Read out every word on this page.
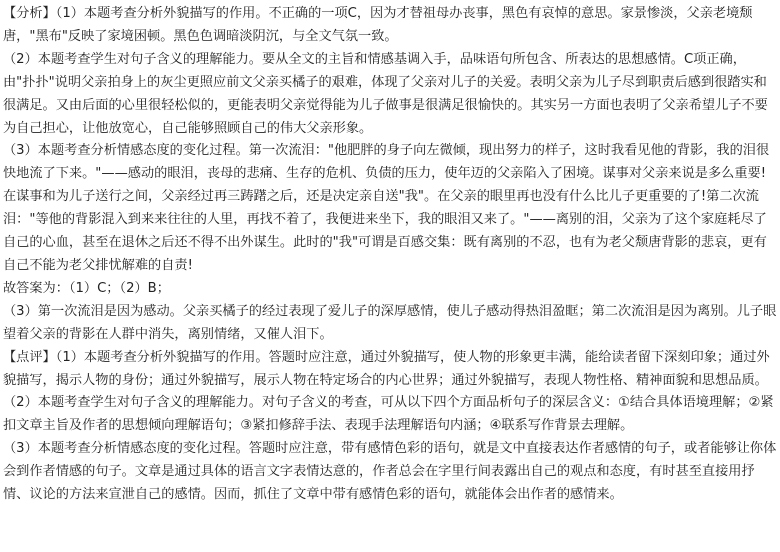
【分析】（1）本题考查分析外貌描写的作用。不正确的一项C，因为才替祖母办丧事，黑色有哀悼的意思。家景惨淡，父亲老境颓唐，"黑布"反映了家境困顿。黑色色调暗淡阴沉，与全文气氛一致。

（2）本题考查学生对句子含义的理解能力。要从全文的主旨和情感基调入手，品味语句所包含、所表达的思想感情。C项正确，由"扑扑"说明父亲拍身上的灰尘更照应前文父亲买橘子的艰难，体现了父亲对儿子的关爱。表明父亲为儿子尽到职责后感到很踏实和很满足。又由后面的心里很轻松似的，更能表明父亲觉得能为儿子做事是很满足很愉快的。其实另一方面也表明了父亲希望儿子不要为自己担心，让他放宽心，自己能够照顾自己的伟大父亲形象。

（3）本题考查分析情感态度的变化过程。第一次流泪："他肥胖的身子向左微倾，现出努力的样子，这时我看见他的背影，我的泪很快地流了下来。"——感动的眼泪，丧母的悲痛、生存的危机、负债的压力，使年迈的父亲陷入了困境。谋事对父亲来说是多么重要!在谋事和为儿子送行之间，父亲经过再三踌躇之后，还是决定亲自送"我"。在父亲的眼里再也没有什么比儿子更重要的了!第二次流泪："等他的背影混入到来来往往的人里，再找不着了，我便进来坐下，我的眼泪又来了。"——离别的泪，父亲为了这个家庭耗尽了自己的心血，甚至在退休之后还不得不出外谋生。此时的"我"可谓是百感交集：既有离别的不忍，也有为老父颓唐背影的悲哀，更有自己不能为老父排忧解难的自责!

故答案为：（1）C；（2）B；

（3）第一次流泪是因为感动。父亲买橘子的经过表现了爱儿子的深厚感情，使儿子感动得热泪盈眶；第二次流泪是因为离别。儿子眼望着父亲的背影在人群中消失，离别情绪，又催人泪下。

【点评】（1）本题考查分析外貌描写的作用。答题时应注意，通过外貌描写，使人物的形象更丰满，能给读者留下深刻印象；通过外貌描写，揭示人物的身份；通过外貌描写，展示人物在特定场合的内心世界；通过外貌描写，表现人物性格、精神面貌和思想品质。

（2）本题考查学生对句子含义的理解能力。对句子含义的考查，可从以下四个方面品析句子的深层含义：①结合具体语境理解；②紧扣文章主旨及作者的思想倾向理解语句；③紧扣修辞手法、表现手法理解语句内涵；④联系写作背景去理解。

（3）本题考查分析情感态度的变化过程。答题时应注意，带有感情色彩的语句，就是文中直接表达作者感情的句子，或者能够让你体会到作者情感的句子。文章是通过具体的语言文字表情达意的，作者总会在字里行间表露出自己的观点和态度，有时甚至直接用抒情、议论的方法来宣泄自己的感情。因而，抓住了文章中带有感情色彩的语句，就能体会出作者的感情来。
